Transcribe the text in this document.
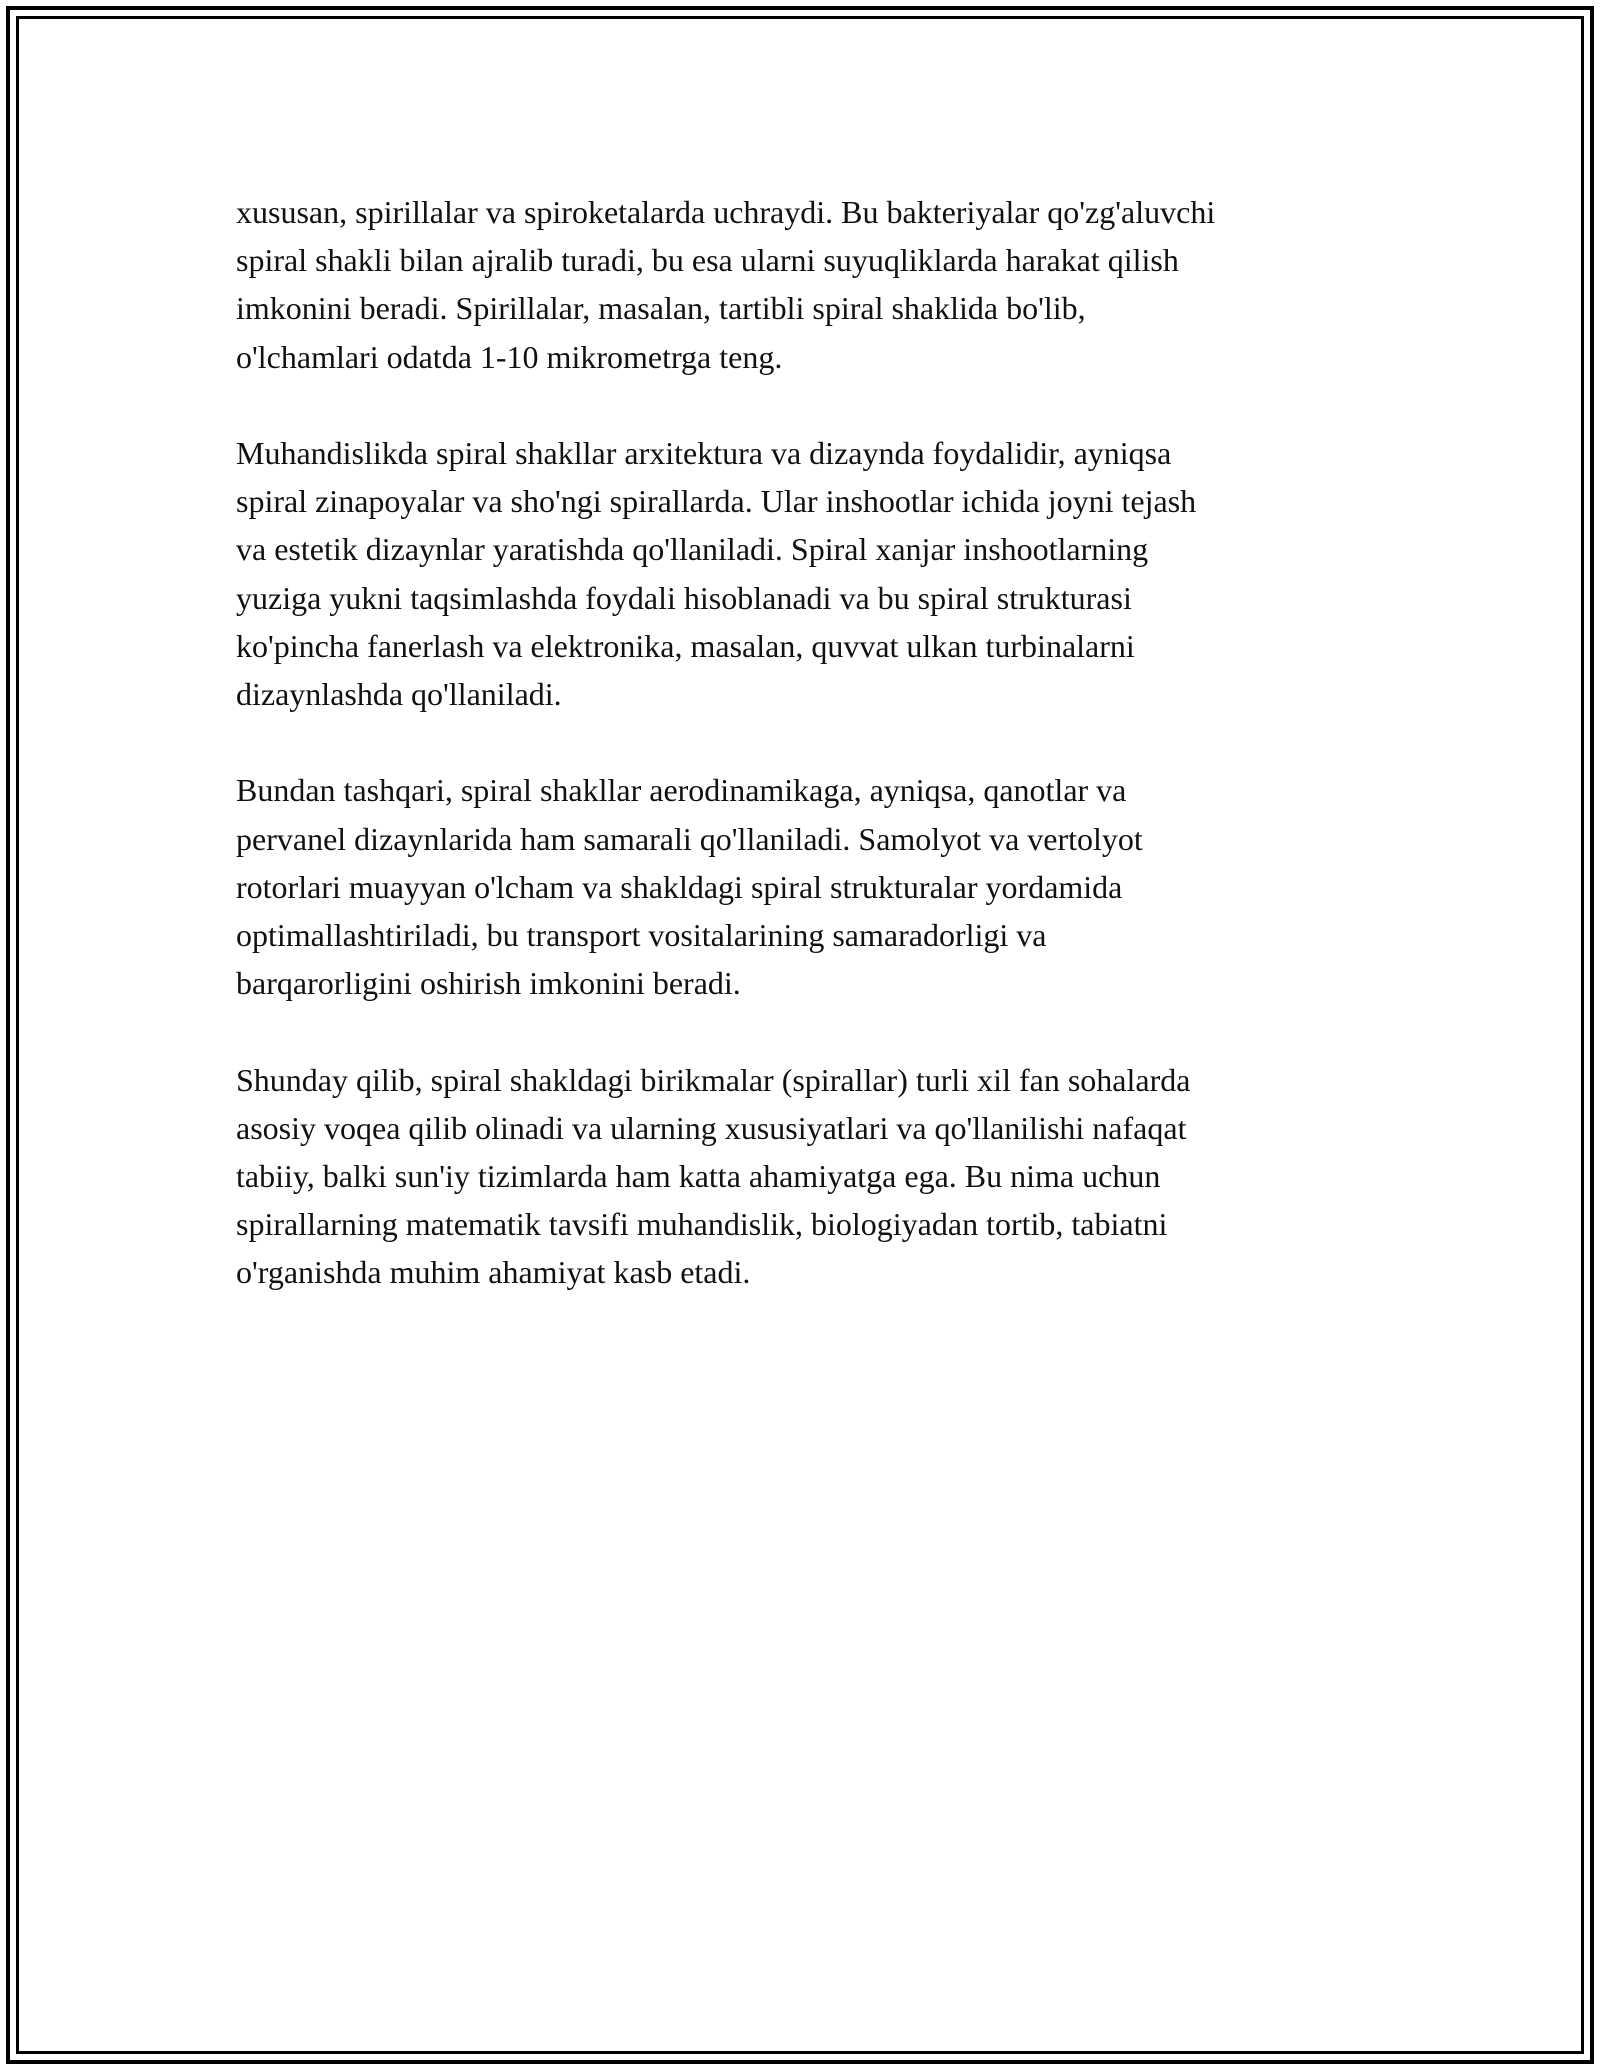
xususan, spirillalar va spiroketalarda uchraydi. Bu bakteriyalar qo'zg'aluvchi
spiral shakli bilan ajralib turadi, bu esa ularni suyuqliklarda harakat qilish
imkonini beradi. Spirillalar, masalan, tartibli spiral shaklida bo'lib,
o'lchamlari odatda 1-10 mikrometrga teng.

Muhandislikda spiral shakllar arxitektura va dizaynda foydalidir, ayniqsa
spiral zinapoyalar va sho'ngi spirallarda. Ular inshootlar ichida joyni tejash
va estetik dizaynlar yaratishda qo'llaniladi. Spiral xanjar inshootlarning
yuziga yukni taqsimlashda foydali hisoblanadi va bu spiral strukturasi
ko'pincha fanerlash va elektronika, masalan, quvvat ulkan turbinalarni
dizaynlashda qo'llaniladi.

Bundan tashqari, spiral shakllar aerodinamikaga, ayniqsa, qanotlar va
pervanel dizaynlarida ham samarali qo'llaniladi. Samolyot va vertolyot
rotorlari muayyan o'lcham va shakldagi spiral strukturalar yordamida
optimallashtiriladi, bu transport vositalarining samaradorligi va
barqarorligini oshirish imkonini beradi.

Shunday qilib, spiral shakldagi birikmalar (spirallar) turli xil fan sohalarda
asosiy voqea qilib olinadi va ularning xususiyatlari va qo'llanilishi nafaqat
tabiiy, balki sun'iy tizimlarda ham katta ahamiyatga ega. Bu nima uchun
spirallarning matematik tavsifi muhandislik, biologiyadan tortib, tabiatni
o'rganishda muhim ahamiyat kasb etadi.
